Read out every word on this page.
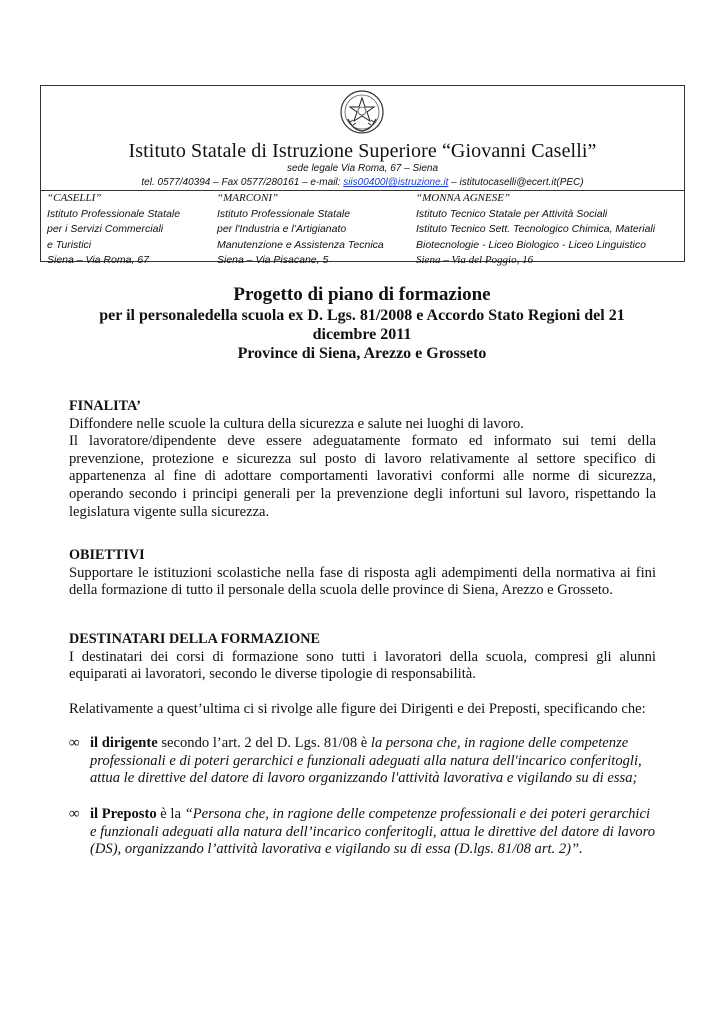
Istituto Statale di Istruzione Superiore “Giovanni Caselli”
sede legale Via Roma, 67 – Siena
tel. 0577/40394 – Fax 0577/280161 – e-mail: siis00400l@istruzione.it – istitutocaselli@ecert.it(PEC)
“CASELLI”
Istituto Professionale Statale
per i Servizi Commerciali
e Turistici
Siena – Via Roma, 67
“MARCONI”
Istituto Professionale Statale
per l'Industria e l’Artigianato
Manutenzione e Assistenza Tecnica
Siena – Via Pisacane, 5
“MONNA AGNESE”
Istituto Tecnico Statale per Attività Sociali
Istituto Tecnico Sett. Tecnologico Chimica, Materiali
Biotecnologie - Liceo Biologico - Liceo Linguistico
Siena – Via del Poggio, 16
Progetto di piano di formazione
per il personaledella scuola ex D. Lgs. 81/2008 e Accordo Stato Regioni del 21
dicembre 2011
Province di Siena, Arezzo e Grosseto
FINALITA’

Diffondere nelle scuole la cultura della sicurezza e salute nei luoghi di lavoro.

Il lavoratore/dipendente deve essere adeguatamente formato ed informato sui temi della prevenzione, protezione e sicurezza sul posto di lavoro relativamente al settore specifico di appartenenza al fine di adottare comportamenti lavorativi conformi alle norme di sicurezza, operando secondo i principi generali per la prevenzione degli infortuni sul lavoro, rispettando la legislatura vigente sulla sicurezza.

OBIETTIVI

Supportare le istituzioni scolastiche nella fase di risposta agli adempimenti della normativa ai fini della formazione di tutto il personale della scuola delle province di Siena, Arezzo e Grosseto.

DESTINATARI DELLA FORMAZIONE

I destinatari dei corsi di formazione sono tutti i lavoratori della scuola, compresi gli alunni equiparati ai lavoratori, secondo le diverse tipologie di responsabilità.

Relativamente a quest’ultima ci si rivolge alle figure dei Dirigenti e dei Preposti, specificando che:

∞ il dirigente secondo l’art. 2 del D. Lgs. 81/08 è la persona che, in ragione delle competenze professionali e di poteri gerarchici e funzionali adeguati alla natura dell'incarico conferitogli, attua le direttive del datore di lavoro organizzando l'attività lavorativa e vigilando su di essa;
∞ il Preposto è la “Persona che, in ragione delle competenze professionali e dei poteri gerarchici e funzionali adeguati alla natura dell’incarico conferitogli, attua le direttive del datore di lavoro (DS), organizzando l’attività lavorativa e vigilando su di essa (D.lgs. 81/08 art. 2)”.
